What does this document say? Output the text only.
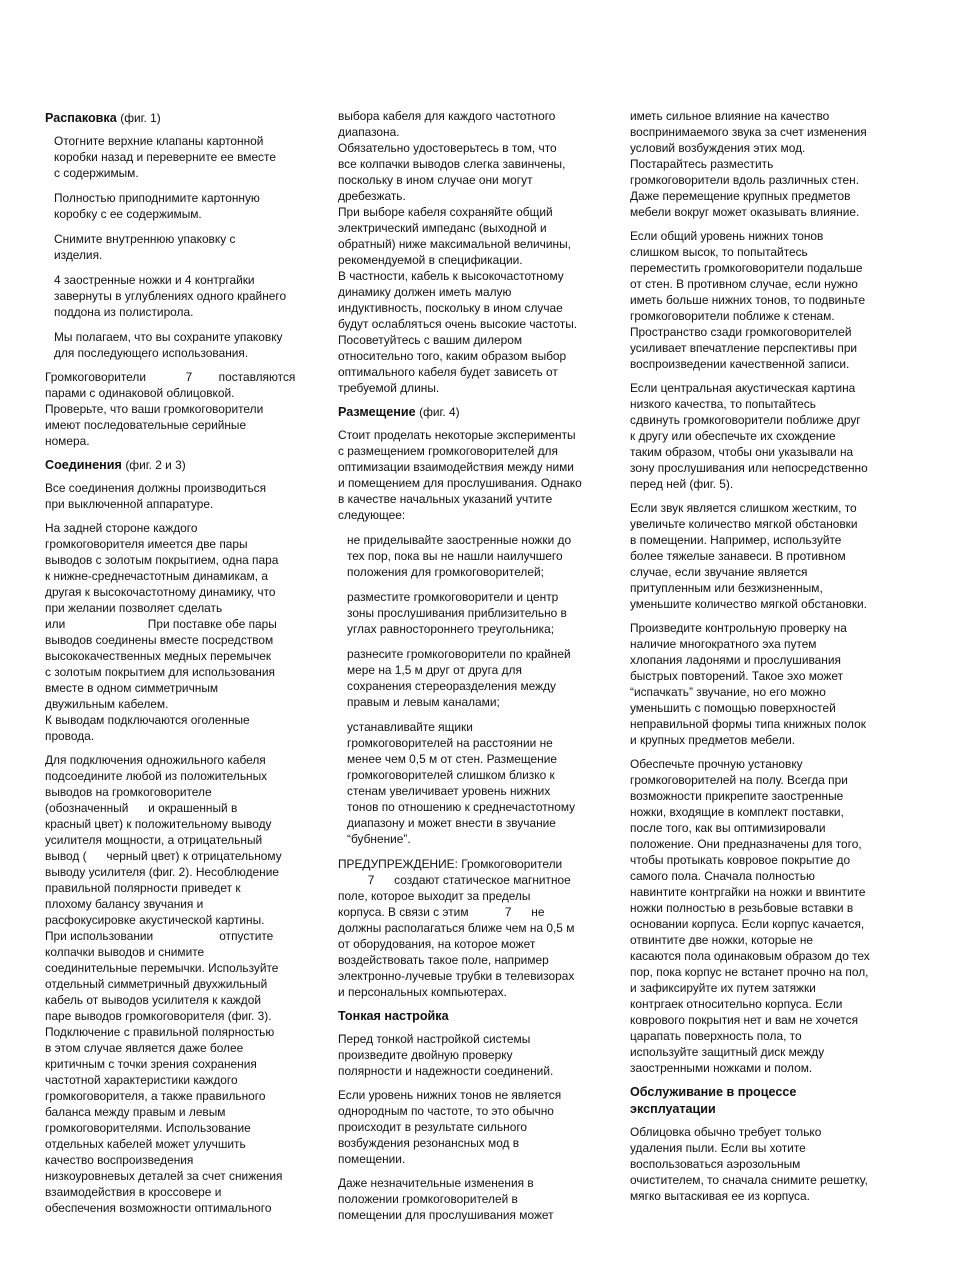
Распаковка (фиг. 1)
Отогните верхние клапаны картонной
коробки назад и переверните ее вместе
с содержимым.
Полностью приподнимите картонную
коробку с ее содержимым.
Снимите внутреннюю упаковку с
изделия.
4 заостренные ножки и 4 контргайки
завернуты в углублениях одного крайнего
поддона из полистирола.
Мы полагаем, что вы сохраните упаковку
для последующего использования.
Громкоговорители            7        поставляются
парами с одинаковой облицовкой.
Проверьте, что ваши громкоговорители
имеют последовательные серийные
номера.
Соединения (фиг. 2 и 3)
Все соединения должны производиться
при выключенной аппаратуре.
На задней стороне каждого
громкоговорителя имеется две пары
выводов с золотым покрытием, одна пара
к нижне-среднечастотным динамикам, а
другая к высокочастотному динамику, что
при желании позволяет сделать
или                         При поставке обе пары
выводов соединены вместе посредством
высококачественных медных перемычек
с золотым покрытием для использования
вместе в одном симметричным
двужильным кабелем.
К выводам подключаются оголенные
провода.
Для подключения одножильного кабеля
подсоедините любой из положительных
выводов на громкоговорителе
(обозначенный      и окрашенный в
красный цвет) к положительному выводу
усилителя мощности, а отрицательный
вывод (      черный цвет) к отрицательному
выводу усилителя (фиг. 2). Несоблюдение
правильной полярности приведет к
плохому балансу звучания и
расфокусировке акустической картины.
При использовании                    отпустите
колпачки выводов и снимите
соединительные перемычки. Используйте
отдельный симметричный двухжильный
кабель от выводов усилителя к каждой
паре выводов громкоговорителя (фиг. 3).
Подключение с правильной полярностью
в этом случае является даже более
критичным с точки зрения сохранения
частотной характеристики каждого
громкоговорителя, а также правильного
баланса между правым и левым
громкоговорителями. Использование
отдельных кабелей может улучшить
качество воспроизведения
низкоуровневых деталей за счет снижения
взаимодействия в кроссовере и
обеспечения возможности оптимального
выбора кабеля для каждого частотного
диапазона.
Обязательно удостоверьтесь в том, что
все колпачки выводов слегка завинчены,
поскольку в ином случае они могут
дребезжать.
При выборе кабеля сохраняйте общий
электрический импеданс (выходной и
обратный) ниже максимальной величины,
рекомендуемой в спецификации.
В частности, кабель к высокочастотному
динамику должен иметь малую
индуктивность, поскольку в ином случае
будут ослабляться очень высокие частоты.
Посоветуйтесь с вашим дилером
относительно того, каким образом выбор
оптимального кабеля будет зависеть от
требуемой длины.
Размещение (фиг. 4)
Стоит проделать некоторые эксперименты
с размещением громкоговорителей для
оптимизации взаимодействия между ними
и помещением для прослушивания. Однако
в качестве начальных указаний учтите
следующее:
не приделывайте заостренные ножки до
тех пор, пока вы не нашли наилучшего
положения для громкоговорителей;
разместите громкоговорители и центр
зоны прослушивания приблизительно в
углах равностороннего треугольника;
разнесите громкоговорители по крайней
мере на 1,5 м друг от друга для
сохранения стереоразделения между
правым и левым каналами;
устанавливайте ящики
громкоговорителей на расстоянии не
менее чем 0,5 м от стен. Размещение
громкоговорителей слишком близко к
стенам увеличивает уровень нижних
тонов по отношению к среднечастотному
диапазону и может внести в звучание
“бубнение”.
ПРЕДУПРЕЖДЕНИЕ: Громкоговорители
7      создают статическое магнитное
поле, которое выходит за пределы
корпуса. В связи с этим           7      не
должны располагаться ближе чем на 0,5 м
от оборудования, на которое может
воздействовать такое поле, например
электронно-лучевые трубки в телевизорах
и персональных компьютерах.
Тонкая настройка
Перед тонкой настройкой системы
произведите двойную проверку
полярности и надежности соединений.
Если уровень нижних тонов не является
однородным по частоте, то это обычно
происходит в результате сильного
возбуждения резонансных мод в
помещении.
Даже незначительные изменения в
положении громкоговорителей в
помещении для прослушивания может
иметь сильное влияние на качество
воспринимаемого звука за счет изменения
условий возбуждения этих мод.
Постарайтесь разместить
громкоговорители вдоль различных стен.
Даже перемещение крупных предметов
мебели вокруг может оказывать влияние.
Если общий уровень нижних тонов
слишком высок, то попытайтесь
переместить громкоговорители подальше
от стен. В противном случае, если нужно
иметь больше нижних тонов, то подвиньте
громкоговорители поближе к стенам.
Пространство сзади громкоговорителей
усиливает впечатление перспективы при
воспроизведении качественной записи.
Если центральная акустическая картина
низкого качества, то попытайтесь
сдвинуть громкоговорители поближе друг
к другу или обеспечьте их схождение
таким образом, чтобы они указывали на
зону прослушивания или непосредственно
перед ней (фиг. 5).
Если звук является слишком жестким, то
увеличьте количество мягкой обстановки
в помещении. Например, используйте
более тяжелые занавеси. В противном
случае, если звучание является
притупленным или безжизненным,
уменьшите количество мягкой обстановки.
Произведите контрольную проверку на
наличие многократного эха путем
хлопания ладонями и прослушивания
быстрых повторений. Такое эхо может
“испачкать” звучание, но его можно
уменьшить с помощью поверхностей
неправильной формы типа книжных полок
и крупных предметов мебели.
Обеспечьте прочную установку
громкоговорителей на полу. Всегда при
возможности прикрепите заостренные
ножки, входящие в комплект поставки,
после того, как вы оптимизировали
положение. Они предназначены для того,
чтобы протыкать ковровое покрытие до
самого пола. Сначала полностью
навинтите контргайки на ножки и ввинтите
ножки полностью в резьбовые вставки в
основании корпуса. Если корпус качается,
отвинтите две ножки, которые не
касаются пола одинаковым образом до тех
пор, пока корпус не встанет прочно на пол,
и зафиксируйте их путем затяжки
контргаек относительно корпуса. Если
коврового покрытия нет и вам не хочется
царапать поверхность пола, то
используйте защитный диск между
заостренными ножками и полом.
Обслуживание в процессе
эксплуатации
Облицовка обычно требует только
удаления пыли. Если вы хотите
воспользоваться аэрозольным
очистителем, то сначала снимите решетку,
мягко вытаскивая ее из корпуса.
